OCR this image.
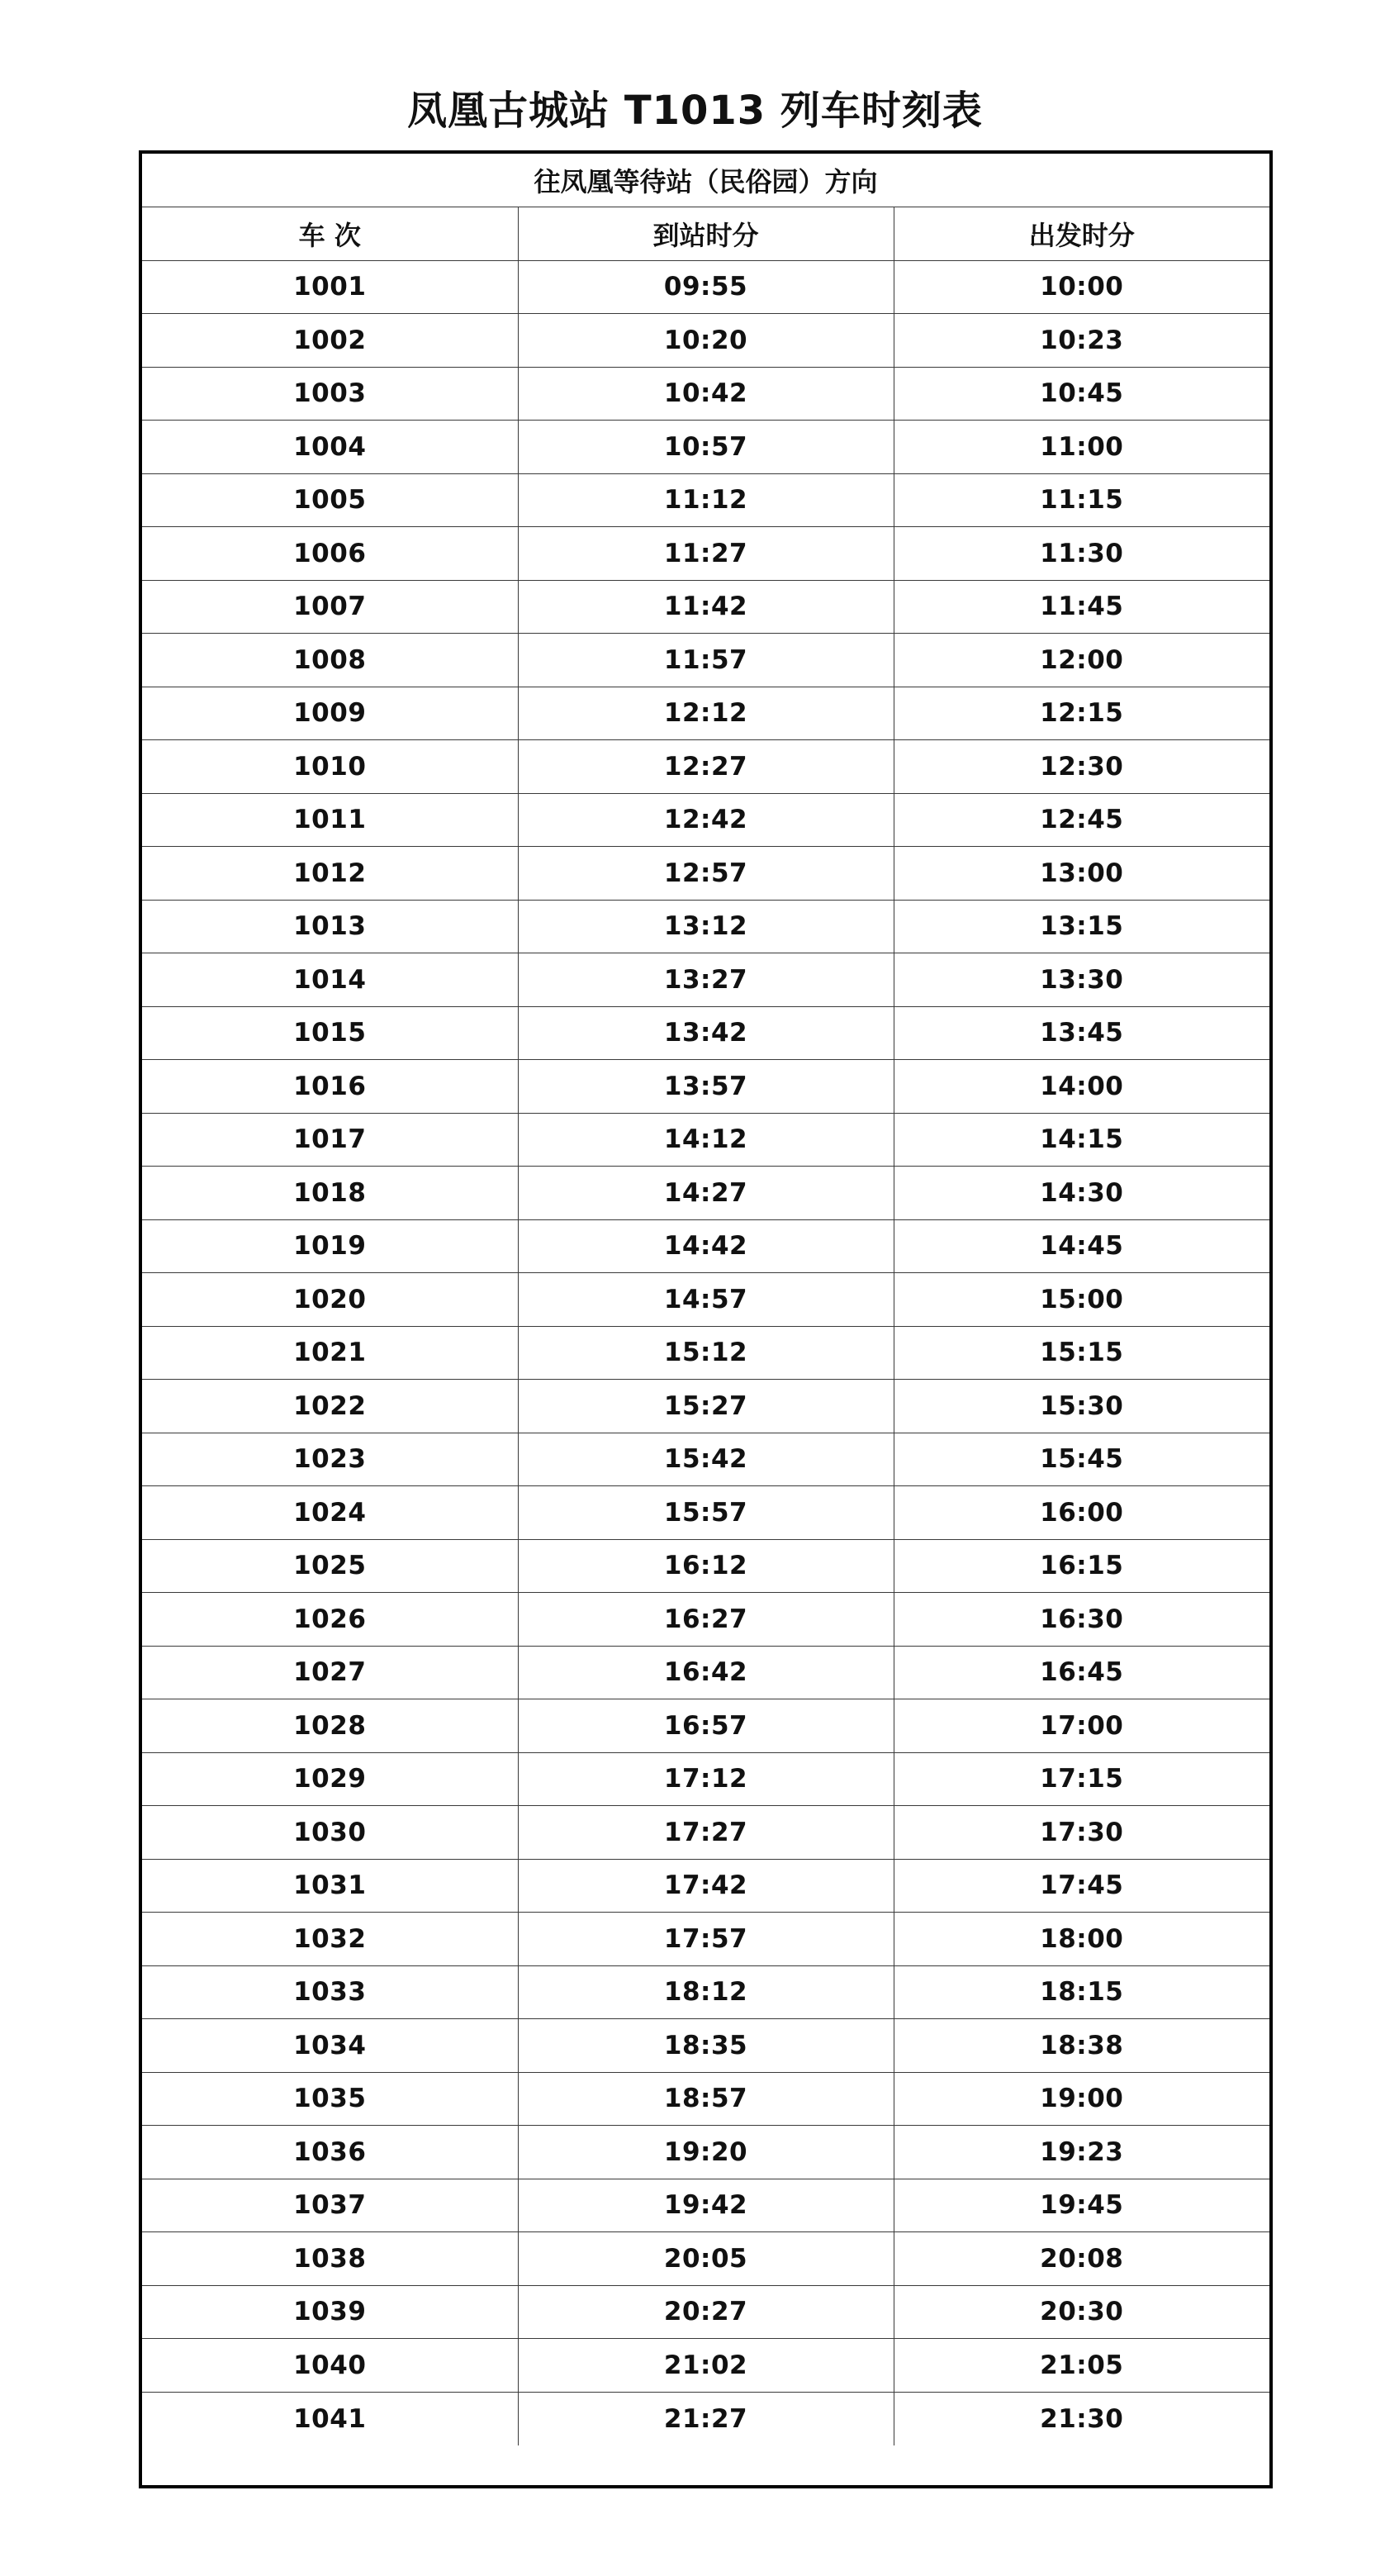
凤凰古城站 T1013 列车时刻表
往凤凰等待站（民俗园）方向		
车 次	到站时分	出发时分
1001	09:55	10:00
1002	10:20	10:23
1003	10:42	10:45
1004	10:57	11:00
1005	11:12	11:15
1006	11:27	11:30
1007	11:42	11:45
1008	11:57	12:00
1009	12:12	12:15
1010	12:27	12:30
1011	12:42	12:45
1012	12:57	13:00
1013	13:12	13:15
1014	13:27	13:30
1015	13:42	13:45
1016	13:57	14:00
1017	14:12	14:15
1018	14:27	14:30
1019	14:42	14:45
1020	14:57	15:00
1021	15:12	15:15
1022	15:27	15:30
1023	15:42	15:45
1024	15:57	16:00
1025	16:12	16:15
1026	16:27	16:30
1027	16:42	16:45
1028	16:57	17:00
1029	17:12	17:15
1030	17:27	17:30
1031	17:42	17:45
1032	17:57	18:00
1033	18:12	18:15
1034	18:35	18:38
1035	18:57	19:00
1036	19:20	19:23
1037	19:42	19:45
1038	20:05	20:08
1039	20:27	20:30
1040	21:02	21:05
1041	21:27	21:30
